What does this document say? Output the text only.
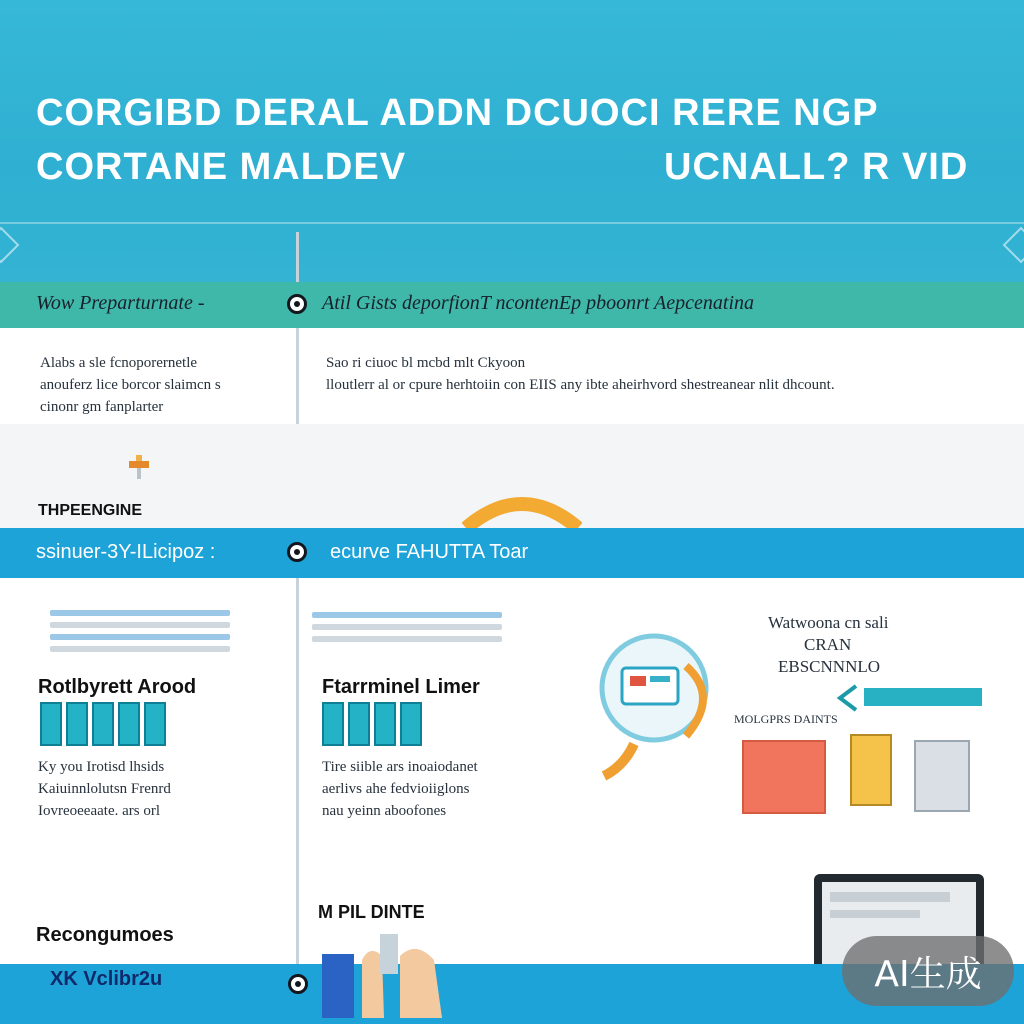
CORGIBD DERAL ADDN DCUOCI RERE NGP
CORTANE MALDEV	UCNALL? R VID
Wow Preparturnate -	Atil Gists deporfionT ncontenEp pboonrt Aepcenatina
Alabs a sle fcnoporernetle
anouferz lice borcor slaimcn s
cinonr gm fanplarter
Sao ri ciuoc bl mcbd mlt Ckyoon
lloutlerr al or cpure herhtoiin con EIIS any ibte aheirhvord shestreanear nlit dhcount.
THPEENGINE
ssinuer-3Y-ILicipoz :	ecurve FAHUTTA Toar
Rotlbyrett Arood	Ftarrminel Limer
Ky you Irotisd lhsids
Kaiuinnlolutsn Frenrd
Iovreoeeaate. ars orl
Tire siible ars inoaiodanet
aerlivs ahe fedvioiiglons
nau yeinn aboofones
Watwoona cn sali
CRAN
EBSCNNNLO
MOLGPRS DAINTS
Recongumoes
M PIL DINTE
XK Vclibr2u	AI生成
